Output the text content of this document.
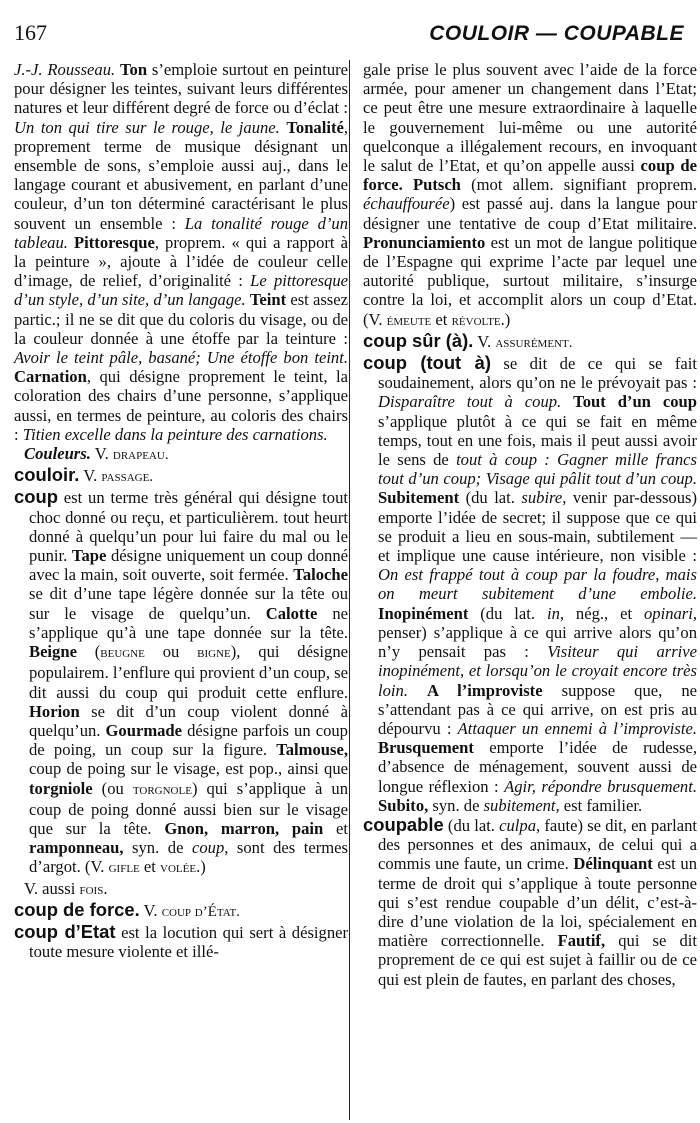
167	COULOIR — COUPABLE

J.-J. Rousseau. Ton s’emploie surtout en peinture pour désigner les teintes, suivant leurs différentes natures et leur différent degré de force ou d’éclat : Un ton qui tire sur le rouge, le jaune. Tonalité, proprement terme de musique désignant un ensemble de sons, s’emploie aussi auj., dans le langage courant et abusivement, en parlant d’une couleur, d’un ton déterminé caractérisant le plus souvent un ensemble : La tonalité rouge d’un tableau. Pittoresque, proprem. « qui a rapport à la peinture », ajoute à l’idée de couleur celle d’image, de relief, d’originalité : Le pittoresque d’un style, d’un site, d’un langage. Teint est assez partic.; il ne se dit que du coloris du visage, ou de la couleur donnée à une étoffe par la teinture : Avoir le teint pâle, basané; Une étoffe bon teint. Carnation, qui désigne proprement le teint, la coloration des chairs d’une personne, s’applique aussi, en termes de peinture, au coloris des chairs : Titien excelle dans la peinture des carnations.

Couleurs. V. drapeau.

couloir. V. passage.

coup est un terme très général qui désigne tout choc donné ou reçu, et particulièrem. tout heurt donné à quelqu’un pour lui faire du mal ou le punir. Tape désigne uniquement un coup donné avec la main, soit ouverte, soit fermée. Taloche se dit d’une tape légère donnée sur la tête ou sur le visage de quelqu’un. Calotte ne s’applique qu’à une tape donnée sur la tête. Beigne (beugne ou bigne), qui désigne populairem. l’enflure qui provient d’un coup, se dit aussi du coup qui produit cette enflure. Horion se dit d’un coup violent donné à quelqu’un. Gourmade désigne parfois un coup de poing, un coup sur la figure. Talmouse, coup de poing sur le visage, est pop., ainsi que torgniole (ou torgnole) qui s’applique à un coup de poing donné aussi bien sur le visage que sur la tête. Gnon, marron, pain et ramponneau, syn. de coup, sont des termes d’argot. (V. gifle et volée.)

V. aussi fois.

coup de force. V. coup d’État.

coup d’Etat est la locution qui sert à désigner toute mesure violente et illé-

gale prise le plus souvent avec l’aide de la force armée, pour amener un changement dans l’Etat; ce peut être une mesure extraordinaire à laquelle le gouvernement lui-même ou une autorité quelconque a illégalement recours, en invoquant le salut de l’Etat, et qu’on appelle aussi coup de force. Putsch (mot allem. signifiant proprem. échauffourée) est passé auj. dans la langue pour désigner une tentative de coup d’Etat militaire. Pronunciamiento est un mot de langue politique de l’Espagne qui exprime l’acte par lequel une autorité publique, surtout militaire, s’insurge contre la loi, et accomplit alors un coup d’Etat. (V. émeute et révolte.)

coup sûr (à). V. assurément.

coup (tout à) se dit de ce qui se fait soudainement, alors qu’on ne le prévoyait pas : Disparaître tout à coup. Tout d’un coup s’applique plutôt à ce qui se fait en même temps, tout en une fois, mais il peut aussi avoir le sens de tout à coup : Gagner mille francs tout d’un coup; Visage qui pâlit tout d’un coup. Subitement (du lat. subire, venir par-dessous) emporte l’idée de secret; il suppose que ce qui se produit a lieu en sous-main, subtilement — et implique une cause intérieure, non visible : On est frappé tout à coup par la foudre, mais on meurt subitement d’une embolie. Inopinément (du lat. in, nég., et opinari, penser) s’applique à ce qui arrive alors qu’on n’y pensait pas : Visiteur qui arrive inopinément, et lorsqu’on le croyait encore très loin. A l’improviste suppose que, ne s’attendant pas à ce qui arrive, on est pris au dépourvu : Attaquer un ennemi à l’improviste. Brusquement emporte l’idée de rudesse, d’absence de ménagement, souvent aussi de longue réflexion : Agir, répondre brusquement. Subito, syn. de subitement, est familier.

coupable (du lat. culpa, faute) se dit, en parlant des personnes et des animaux, de celui qui a commis une faute, un crime. Délinquant est un terme de droit qui s’applique à toute personne qui s’est rendue coupable d’un délit, c’est-à-dire d’une violation de la loi, spécialement en matière correctionnelle. Fautif, qui se dit proprement de ce qui est sujet à faillir ou de ce qui est plein de fautes, en parlant des choses,
